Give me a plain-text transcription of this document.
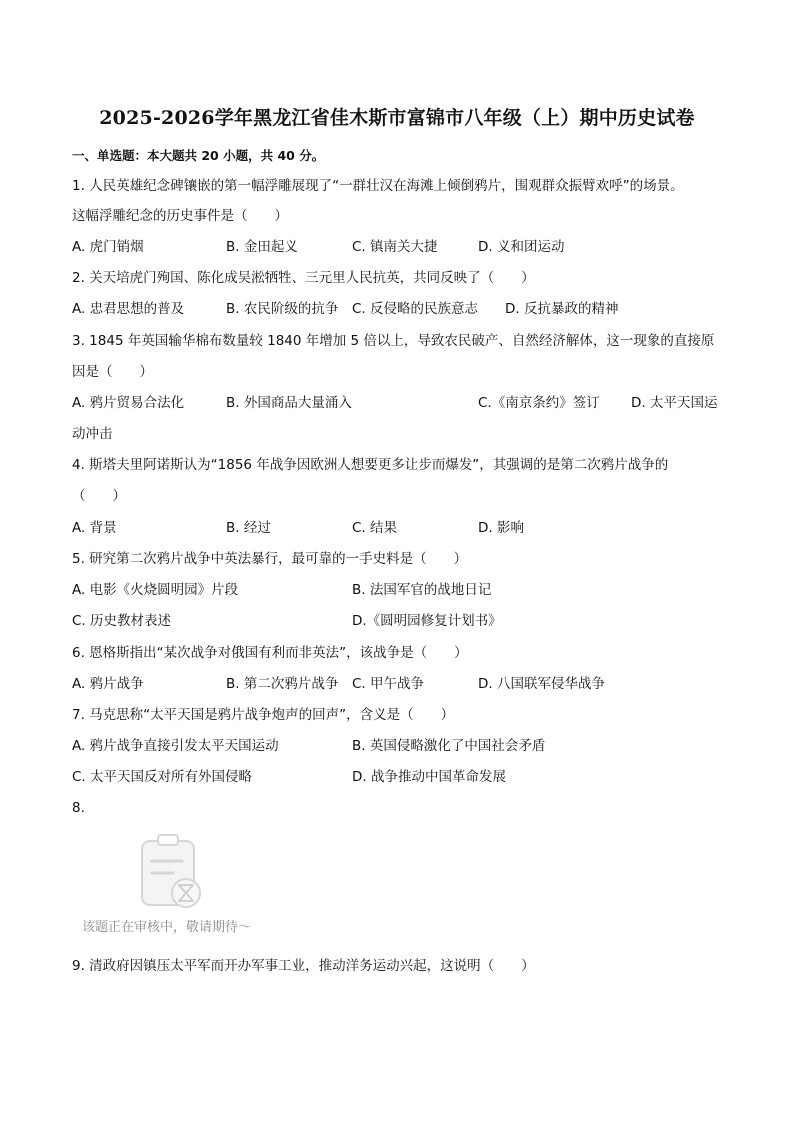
2025-2026学年黑龙江省佳木斯市富锦市八年级（上）期中历史试卷
一、单选题：本大题共 20 小题，共 40 分。
1. 人民英雄纪念碑镶嵌的第一幅浮雕展现了“一群壮汉在海滩上倾倒鸦片，围观群众振臂欢呼”的场景。
这幅浮雕纪念的历史事件是（　　）
A. 虎门销烟	B. 金田起义	C. 镇南关大捷	D. 义和团运动
2. 关天培虎门殉国、陈化成吴淞牺牲、三元里人民抗英，共同反映了（　　）
A. 忠君思想的普及	B. 农民阶级的抗争 C. 反侵略的民族意志 D. 反抗暴政的精神
3. 1845 年英国输华棉布数量较 1840 年增加 5 倍以上，导致农民破产、自然经济解体，这一现象的直接原
因是（　　）
A. 鸦片贸易合法化	B. 外国商品大量涌入	C.《南京条约》签订 D. 太平天国运
动冲击
4. 斯塔夫里阿诺斯认为“1856 年战争因欧洲人想要更多让步而爆发”，其强调的是第二次鸦片战争的
（　　）
A. 背景	B. 经过	C. 结果	D. 影响
5. 研究第二次鸦片战争中英法暴行，最可靠的一手史料是（　　）
A. 电影《火烧圆明园》片段	B. 法国军官的战地日记
C. 历史教材表述	D.《圆明园修复计划书》
6. 恩格斯指出“某次战争对俄国有利而非英法”，该战争是（　　）
A. 鸦片战争	B. 第二次鸦片战争 C. 甲午战争	D. 八国联军侵华战争
7. 马克思称“太平天国是鸦片战争炮声的回声”，含义是（　　）
A. 鸦片战争直接引发太平天国运动	B. 英国侵略激化了中国社会矛盾
C. 太平天国反对所有外国侵略	D. 战争推动中国革命发展
8.
该题正在审核中，敬请期待～
9. 清政府因镇压太平军而开办军事工业，推动洋务运动兴起，这说明（　　）
